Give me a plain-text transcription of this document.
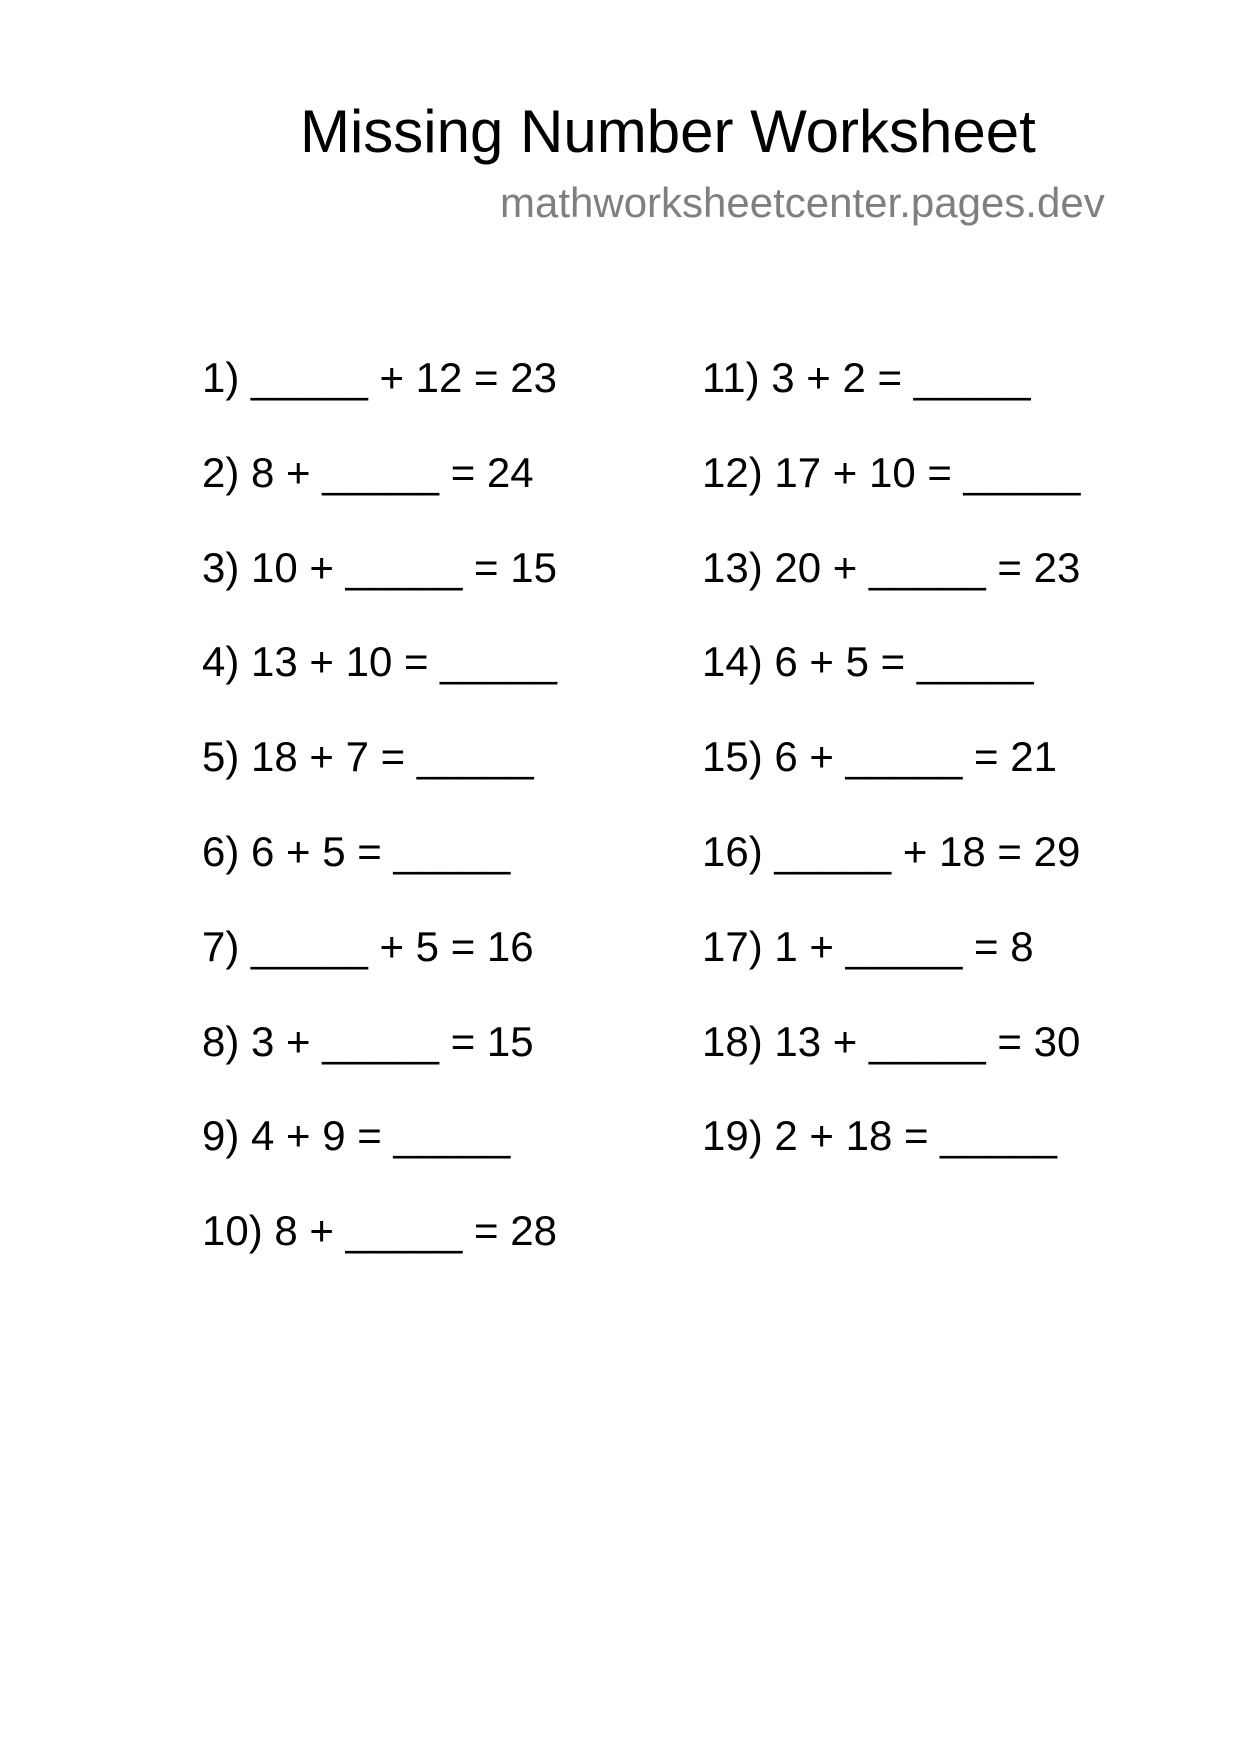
Missing Number Worksheet
mathworksheetcenter.pages.dev
1) _____ + 12 = 23
2) 8 + _____ = 24
3) 10 + _____ = 15
4) 13 + 10 = _____
5) 18 + 7 = _____
6) 6 + 5 = _____
7) _____ + 5 = 16
8) 3 + _____ = 15
9) 4 + 9 = _____
10) 8 + _____ = 28
11) 3 + 2 = _____
12) 17 + 10 = _____
13) 20 + _____ = 23
14) 6 + 5 = _____
15) 6 + _____ = 21
16) _____ + 18 = 29
17) 1 + _____ = 8
18) 13 + _____ = 30
19) 2 + 18 = _____
